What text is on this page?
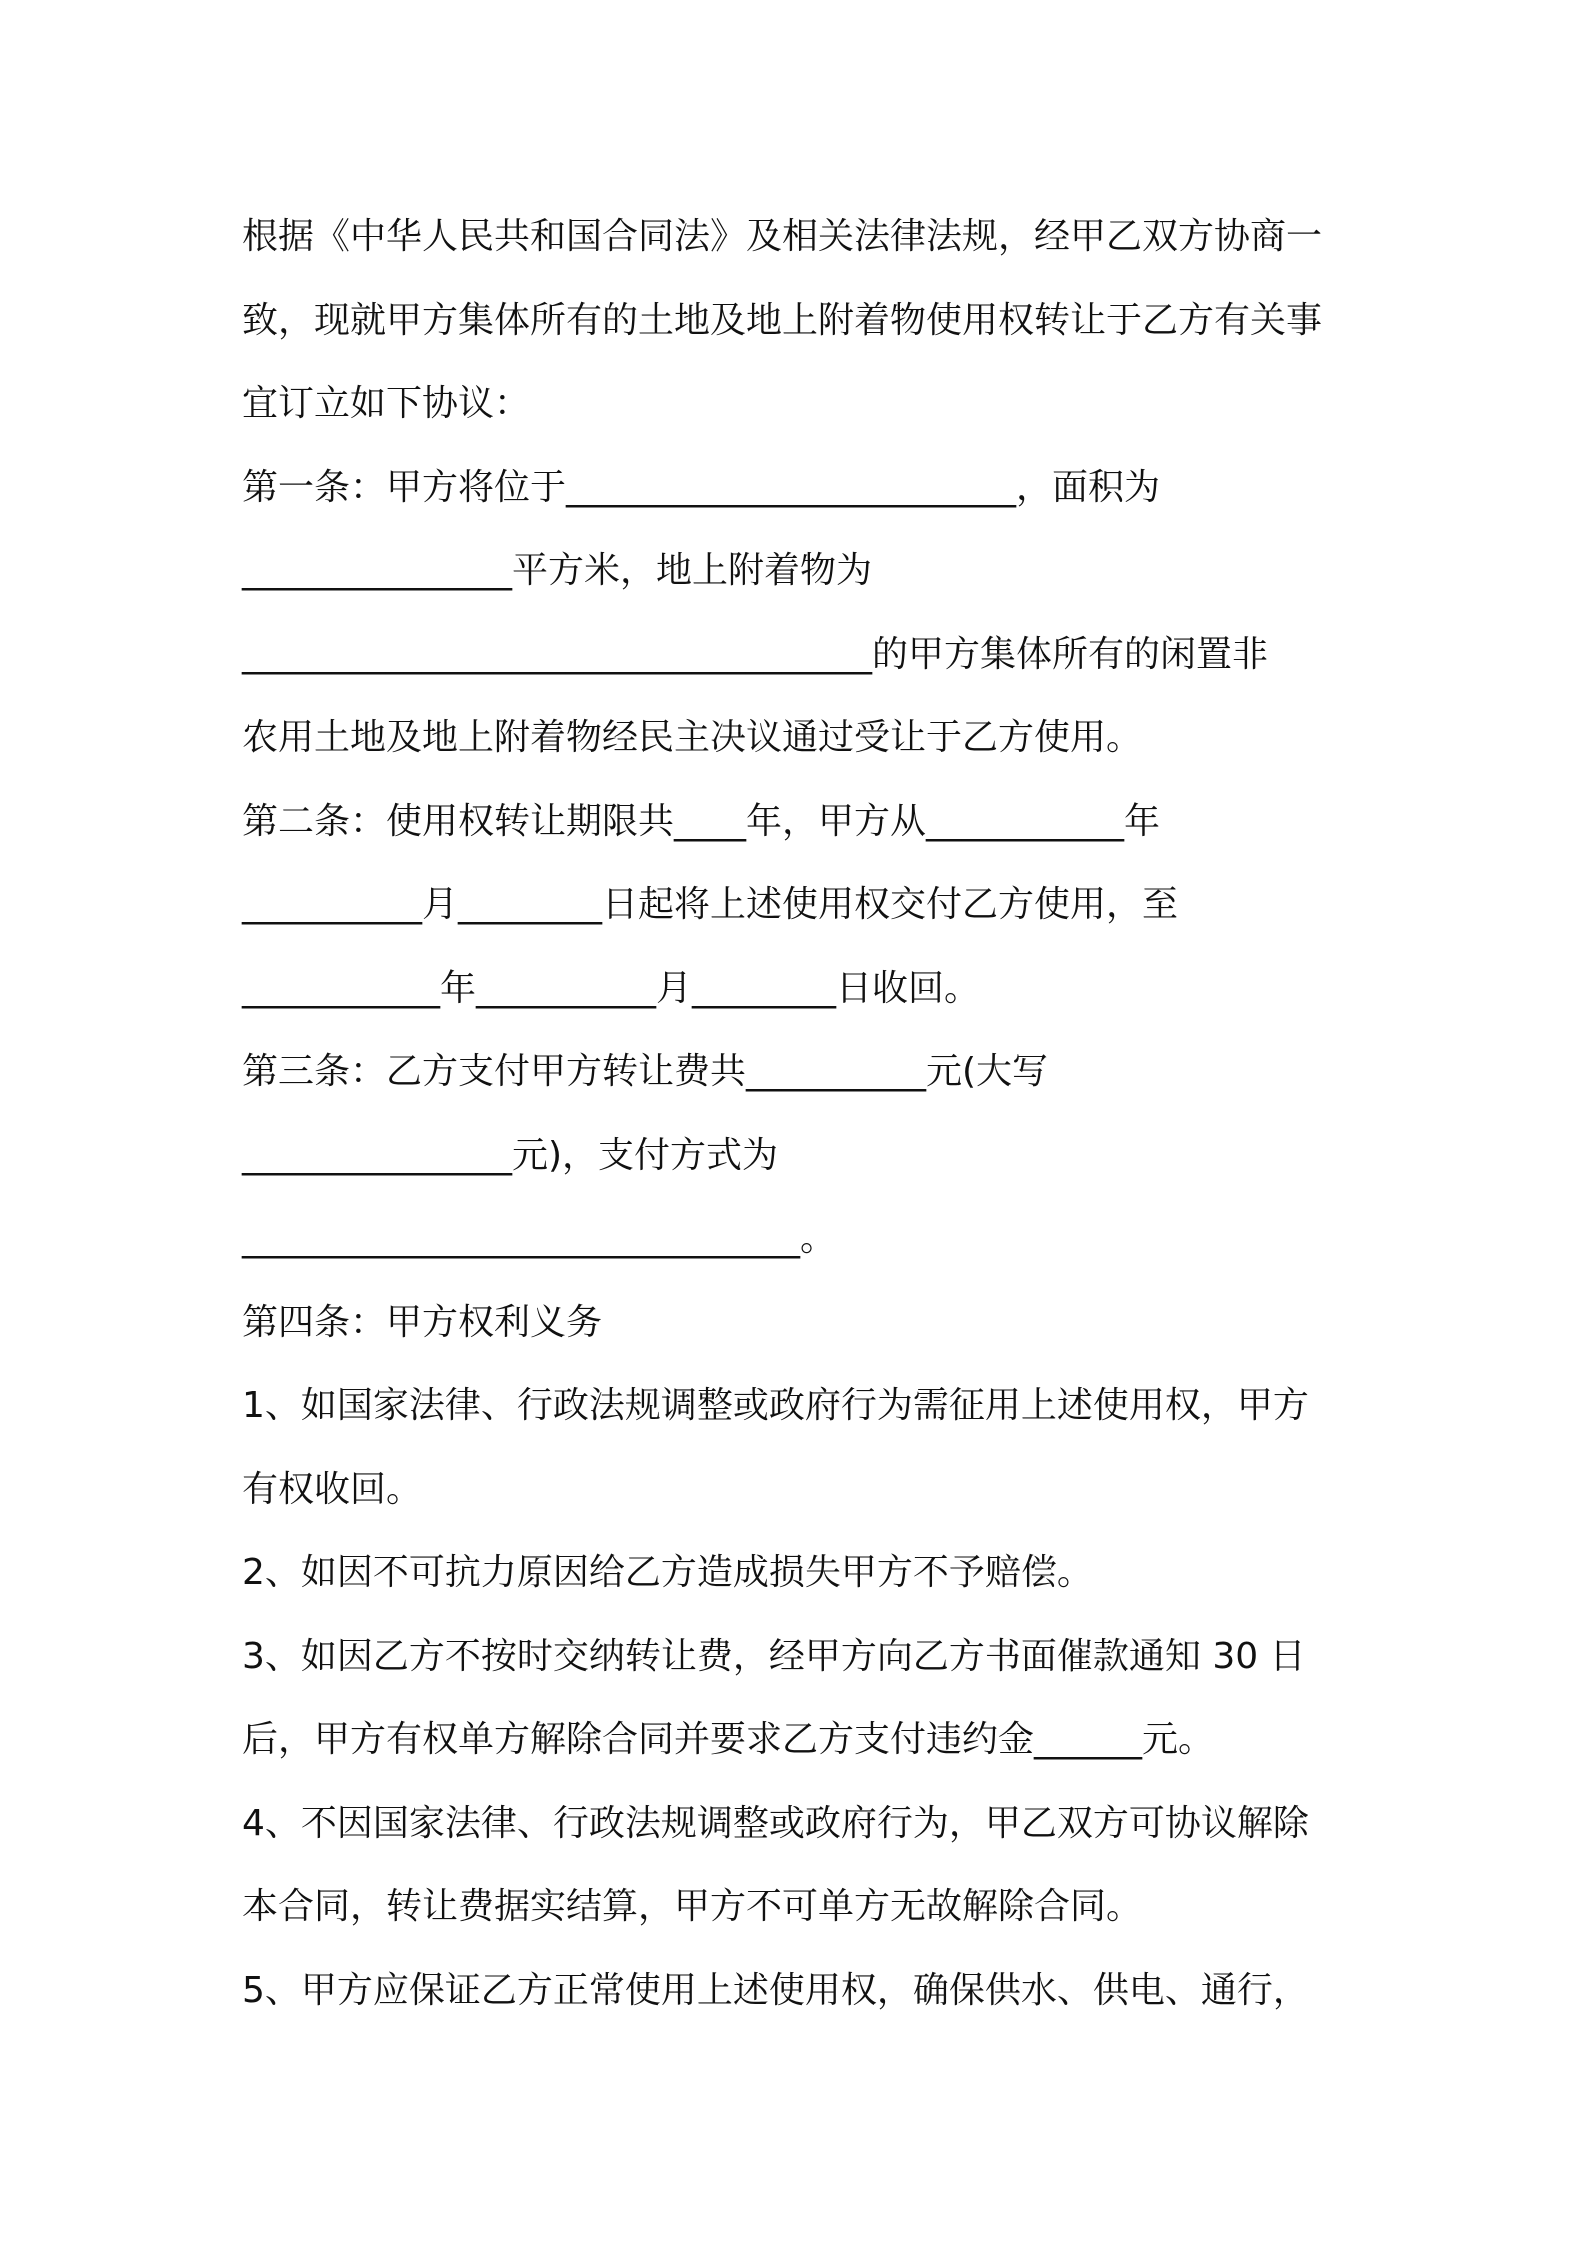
根据《中华人民共和国合同法》及相关法律法规，经甲乙双方协商一
致，现就甲方集体所有的土地及地上附着物使用权转让于乙方有关事
宜订立如下协议：
第一条：甲方将位于_________________________，面积为
_______________平方米，地上附着物为
___________________________________的甲方集体所有的闲置非
农用土地及地上附着物经民主决议通过受让于乙方使用。
第二条：使用权转让期限共____年，甲方从___________年
__________月________日起将上述使用权交付乙方使用，至
___________年__________月________日收回。
第三条：乙方支付甲方转让费共__________元(大写
_______________元)，支付方式为
_______________________________。
第四条：甲方权利义务
1、如国家法律、行政法规调整或政府行为需征用上述使用权，甲方
有权收回。
2、如因不可抗力原因给乙方造成损失甲方不予赔偿。
3、如因乙方不按时交纳转让费，经甲方向乙方书面催款通知 30 日
后，甲方有权单方解除合同并要求乙方支付违约金______元。
4、不因国家法律、行政法规调整或政府行为，甲乙双方可协议解除
本合同，转让费据实结算，甲方不可单方无故解除合同。
5、甲方应保证乙方正常使用上述使用权，确保供水、供电、通行，
